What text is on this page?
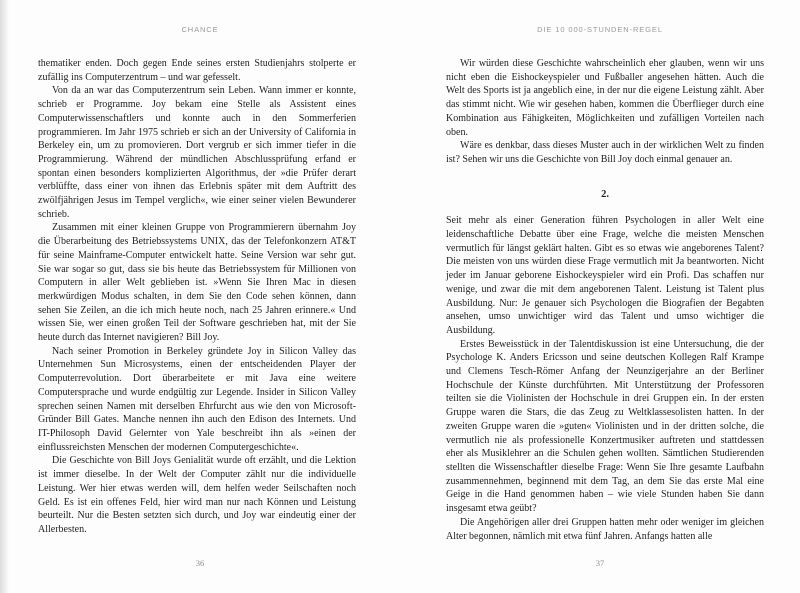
CHANCE

thematiker enden. Doch gegen Ende seines ersten Studienjahrs stolperte er zufällig ins Computerzentrum – und war gefesselt.

Von da an war das Computerzentrum sein Leben. Wann immer er konnte, schrieb er Programme. Joy bekam eine Stelle als Assistent eines Computerwissenschaftlers und konnte auch in den Sommerferien programmieren. Im Jahr 1975 schrieb er sich an der University of California in Berkeley ein, um zu promovieren. Dort vergrub er sich immer tiefer in die Programmierung. Während der mündlichen Abschlussprüfung erfand er spontan einen besonders komplizierten Algorithmus, der »die Prüfer derart verblüffte, dass einer von ihnen das Erlebnis später mit dem Auftritt des zwölfjährigen Jesus im Tempel verglich«, wie einer seiner vielen Bewunderer schrieb.

Zusammen mit einer kleinen Gruppe von Programmierern übernahm Joy die Überarbeitung des Betriebssystems UNIX, das der Telefonkonzern AT&T für seine Mainframe-Computer entwickelt hatte. Seine Version war sehr gut. Sie war sogar so gut, dass sie bis heute das Betriebssystem für Millionen von Computern in aller Welt geblieben ist. »Wenn Sie Ihren Mac in diesen merkwürdigen Modus schalten, in dem Sie den Code sehen können, dann sehen Sie Zeilen, an die ich mich heute noch, nach 25 Jahren erinnere.« Und wissen Sie, wer einen großen Teil der Software geschrieben hat, mit der Sie heute durch das Internet navigieren? Bill Joy.

Nach seiner Promotion in Berkeley gründete Joy in Silicon Valley das Unternehmen Sun Microsystems, einen der entscheidenden Player der Computerrevolution. Dort überarbeitete er mit Java eine weitere Computersprache und wurde endgültig zur Legende. Insider in Silicon Valley sprechen seinen Namen mit derselben Ehrfurcht aus wie den von Microsoft-Gründer Bill Gates. Manche nennen ihn auch den Edison des Internets. Und IT-Philosoph David Gelernter von Yale beschreibt ihn als »einen der einflussreichsten Menschen der modernen Computergeschichte«.

Die Geschichte von Bill Joys Genialität wurde oft erzählt, und die Lektion ist immer dieselbe. In der Welt der Computer zählt nur die individuelle Leistung. Wer hier etwas werden will, dem helfen weder Seilschaften noch Geld. Es ist ein offenes Feld, hier wird man nur nach Können und Leistung beurteilt. Nur die Besten setzten sich durch, und Joy war eindeutig einer der Allerbesten.

36
DIE 10 000-STUNDEN-REGEL

Wir würden diese Geschichte wahrscheinlich eher glauben, wenn wir uns nicht eben die Eishockeyspieler und Fußballer angesehen hätten. Auch die Welt des Sports ist ja angeblich eine, in der nur die eigene Leistung zählt. Aber das stimmt nicht. Wie wir gesehen haben, kommen die Überflieger durch eine Kombination aus Fähigkeiten, Möglichkeiten und zufälligen Vorteilen nach oben.

Wäre es denkbar, dass dieses Muster auch in der wirklichen Welt zu finden ist? Sehen wir uns die Geschichte von Bill Joy doch einmal genauer an.

2.

Seit mehr als einer Generation führen Psychologen in aller Welt eine leidenschaftliche Debatte über eine Frage, welche die meisten Menschen vermutlich für längst geklärt halten. Gibt es so etwas wie angeborenes Talent? Die meisten von uns würden diese Frage vermutlich mit Ja beantworten. Nicht jeder im Januar geborene Eishockeyspieler wird ein Profi. Das schaffen nur wenige, und zwar die mit dem angeborenen Talent. Leistung ist Talent plus Ausbildung. Nur: Je genauer sich Psychologen die Biografien der Begabten ansehen, umso unwichtiger wird das Talent und umso wichtiger die Ausbildung.

Erstes Beweisstück in der Talentdiskussion ist eine Untersuchung, die der Psychologe K. Anders Ericsson und seine deutschen Kollegen Ralf Krampe und Clemens Tesch-Römer Anfang der Neunzigerjahre an der Berliner Hochschule der Künste durchführten. Mit Unterstützung der Professoren teilten sie die Violinisten der Hochschule in drei Gruppen ein. In der ersten Gruppe waren die Stars, die das Zeug zu Weltklassesolisten hatten. In der zweiten Gruppe waren die »guten« Violinisten und in der dritten solche, die vermutlich nie als professionelle Konzertmusiker auftreten und stattdessen eher als Musiklehrer an die Schulen gehen wollten. Sämtlichen Studierenden stellten die Wissenschaftler dieselbe Frage: Wenn Sie Ihre gesamte Laufbahn zusammennehmen, beginnend mit dem Tag, an dem Sie das erste Mal eine Geige in die Hand genommen haben – wie viele Stunden haben Sie dann insgesamt etwa geübt?

Die Angehörigen aller drei Gruppen hatten mehr oder weniger im gleichen Alter begonnen, nämlich mit etwa fünf Jahren. Anfangs hatten alle

37
